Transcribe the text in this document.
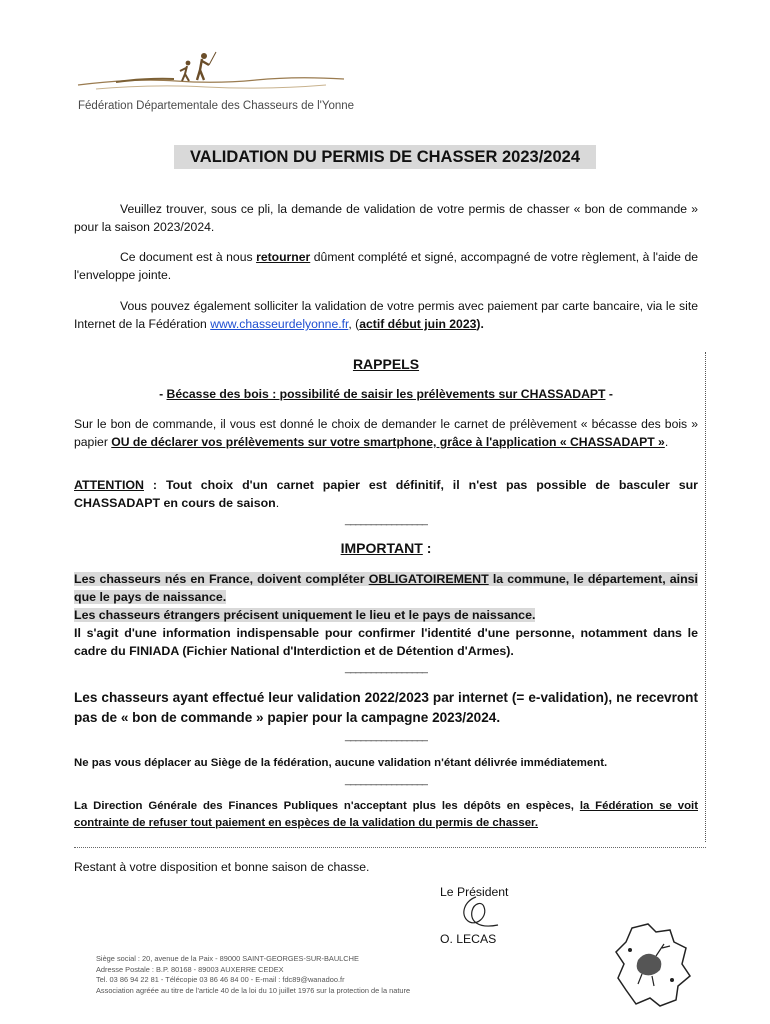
Fédération Départementale des Chasseurs de l'Yonne
VALIDATION DU PERMIS DE CHASSER 2023/2024
Veuillez trouver, sous ce pli, la demande de validation de votre permis de chasser « bon de commande » pour la saison 2023/2024.
Ce document est à nous retourner dûment complété et signé, accompagné de votre règlement, à l'aide de l'enveloppe jointe.
Vous pouvez également solliciter la validation de votre permis avec paiement par carte bancaire, via le site Internet de la Fédération www.chasseurdelyonne.fr, (actif début juin 2023).
RAPPELS
- Bécasse des bois : possibilité de saisir les prélèvements sur CHASSADAPT -
Sur le bon de commande, il vous est donné le choix de demander le carnet de prélèvement « bécasse des bois » papier OU de déclarer vos prélèvements sur votre smartphone, grâce à l'application « CHASSADAPT ».
ATTENTION : Tout choix d'un carnet papier est définitif, il n'est pas possible de basculer sur CHASSADAPT en cours de saison.
________________
IMPORTANT :
Les chasseurs nés en France, doivent compléter OBLIGATOIREMENT la commune, le département, ainsi que le pays de naissance.
Les chasseurs étrangers précisent uniquement le lieu et le pays de naissance.
Il s'agit d'une information indispensable pour confirmer l'identité d'une personne, notamment dans le cadre du FINIADA (Fichier National d'Interdiction et de Détention d'Armes).
________________
Les chasseurs ayant effectué leur validation 2022/2023 par internet (= e-validation), ne recevront pas de « bon de commande » papier pour la campagne 2023/2024.
________________
Ne pas vous déplacer au Siège de la fédération, aucune validation n'étant délivrée immédiatement.
________________
La Direction Générale des Finances Publiques n'acceptant plus les dépôts en espèces, la Fédération se voit contrainte de refuser tout paiement en espèces de la validation du permis de chasser.
Restant à votre disposition et bonne saison de chasse.
Le Président
O. LECAS
Siège social : 20, avenue de la Paix - 89000 SAINT-GEORGES-SUR-BAULCHE
Adresse Postale : B.P. 80168 - 89003 AUXERRE CEDEX
Tel. 03 86 94 22 81 - Télécopie 03 86 46 84 00 - E-mail : fdc89@wanadoo.fr
Association agréée au titre de l'article 40 de la loi du 10 juillet 1976 sur la protection de la nature
